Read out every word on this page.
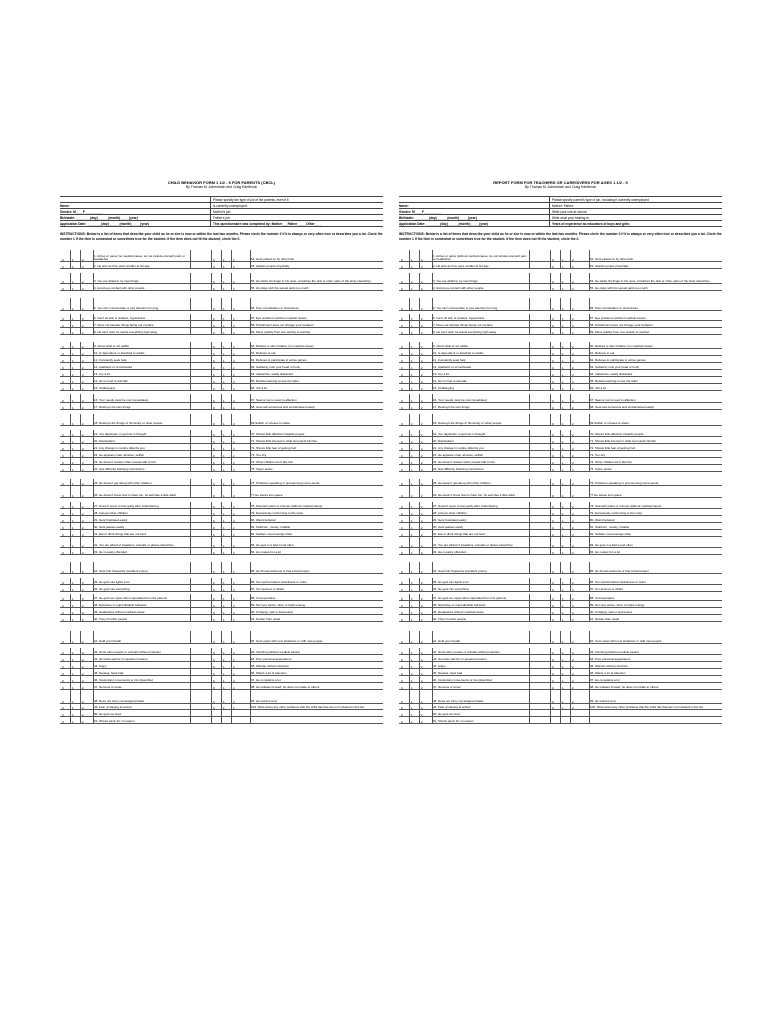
CHILD BEHAVIOR FORM 1 1/2 - 5 FOR PARENTS (CBCL)
By Thomas M. Achenbach and Craig Edelbrock
Please specify the type of job of the parents, even if it
Name:	is currently unemployed:
Gender: M____F__________	Mother's job:
Birthdate: ________(day)______(month)_____(year)	Father's job:
Application Date: ________(day)______(month)_____(year)	This questionnaire was completed by: Mother___Father_____Other____
INSTRUCTIONS: Below is a list of items that describe your child as he or she is now or within the last two months. Please circle the number 2 if it is always or very often true or describes you a lot. Circle the number 1 if the item is somewhat or sometimes true for the student. If the item does not fit the student, circle the 0.
0	1	2
1. Aches or pains (no medical cause; do not include stomach pain or headache)	0	1	2	52. Gets picked on by other kids
0	1	2	2. He acts as if he were smaller at his age	0	1	2	53. Attacks people physically
0	1	2	3. You are afraid to try new things	0	1	2	54. He sticks his finger in his nose, scratches the skin or other parts of the body (describe)
0	1	2	4. Avoid eye contact with other people	0	1	2	55. He plays with his sexual parts too much
0	1	2	5. You can't concentrate or pay attention for long	0	1	2	56. Poor coordination or clumsiness
0	1	2	6. Can't sit still, is restless, hyperactive	0	1	2	57. Eye problems (without medical cause)
0	1	2	7. Does not tolerate things being out of place	0	1	2	58. Punishment does not change your behavior
0	1	2	8. He can't wait, he wants everything right away	0	1	2	59. Move quickly from one activity to another
0	1	2	9. Chew what is not edible	0	1	2	60. Rashes or skin irritation (no medical cause)
0	1	2	10. Is dependent or attached to adults	0	1	2	61. Refuses to eat
0	1	2	11. Constantly seek help	0	1	2	62. Refuses to participate in active games
0	1	2	12. Apathetic or unmotivated	0	1	2	63. Suddenly rock your head or body
0	1	2	13. Cry a lot	0	1	2	64. Inattentive, easily distracted
0	1	2	14. He is cruel to animals	0	1	2	65. Resists learning to use the toilet
0	1	2	15. Challenging	0	1	2	66. Yell a lot
0	1	2	16. Your needs must be met immediately	0	1	2	67. Seems not to react to affection
0	1	2	17. Destroys his own things	0	1	2	68. Gets self-conscious and embarrassed easily
0	1	2	18. Destroys the things of his family or other people	0	1	2	69.Selfish or refuses to share
0	1	2	19. You daydream or get lost in thought	0	1	2	70. Shows little affection towards people
0	1	2	20. Disobedient	0	1	2	71. Shows little interest in what surrounds him/her
0	1	2	21. Any change in routine disturbs you	0	1	2	72. Shows little fear of getting hurt
0	1	2	22. He appears cruel, abusive, selfish	0	1	2	73. Too shy
0	1	2	23. He doesn't answer when people talk to him	0	1	2	74. Other children don't like him
0	1	2	24. Has difficulty following instructions	0	1	2	75. Super active
0	1	2	25. He doesn't get along with other children	0	1	2	76. Problems speaking or pronouncing some words
0	1	2	26. He doesn't know how to have fun, he acts like a little adult	0	1	2	77.He stares into space
0	1	2	27. Doesn't seem to feel guilty after misbehaving	0	1	2	78. Stomach pains or cramps (without medical cause)
0	1	2	28. Annoys other children	0	1	2	79. Excessively conforming to the rules
0	1	2	29. Gets frustrated easily	0	1	2	80. Weird behavior
0	1	2	30. Gets jealous easily	0	1	2	81. Stubborn, moody, irritable
0	1	2	31. Eat or drink things that are not food	0	1	2	82. Sudden mood swings often
0	1	2	32. You are afraid of situations, animals or places (describe)	0	1	2	83. He gets in a bad mood often
0	1	2	33. He is easily offended	0	1	2	84. He makes fun a lot
0	1	2	34. Gets hurt frequently (accident prone)	0	1	2	85. He throws tantrums or has a bad temper
0	1	2	35. He gets into fights a lot	0	1	2	86. Too worried about cleanliness or order
0	1	2	36. He gets into everything	0	1	2	87. Too anxious or afraid
0	1	2	37. He gets too upset when separated from his parents	0	1	2	88. Uncooperative
0	1	2	38. Explosive or unpredictable behavior	0	1	2	89. Not very active, slow, or lacks energy
0	1	2	39. Headaches without medical cause	0	1	2	90. Unhappy, sad or depressed
0	1	2	40. They hit other people	0	1	2	91. Noisier than usual
0	1	2	41. Hold your breath	0	1	2	92. Gets upset with new situations or with new people
0	1	2	42. Hurts other people or animals without intention	0	1	2	93. Vomiting (without medical cause)
0	1	2	43. He looks sad for no apparent reason	0	1	2	94. Poor personal appearance
0	1	2	44. Angry	0	1	2	95. Wander without direction
0	1	2	45. Nausea, feels bad	0	1	2	96. Wants a lot of attention
0	1	2	46. Involuntary movements or tics (describe)	0	1	2	97. He complains a lot
0	1	2	47. Nervous or tense	0	1	2	98. He isolates himself, he does not relate to others
0	1	2	48. Does not carry out assigned tasks	0	1	2	99. He worries a lot
0	1	2	49. Fear of staying at school	0	1	2	100. Write down any other problems that the child has that are not included in this list
0	1	2	50. He gets too tired
0	1	2	51. Shows panic for no reason
REPORT FORM FOR TEACHERS OR CAREGIVERS FOR AGES 1 1/2 - 5
By Thomas M. Achenbach and Craig Edelbrock
Please specify parent's type of job, including if currently unemployed:
Name:	Mother: Father:
Gender: M____F__________	Write your role at school:
Birthdate: ________(day)______(month)_____(year)	Write what your training is:
Application Date: ________(day)______(month)_____(year)	Years of experience as educators of boys and girls:
INSTRUCTIONS: Below is a list of items that describe your child as he or she is now or within the last two months. Please circle the number 2 if it is always or very often true or describes you a lot. Circle the number 1 if the item is somewhat or sometimes true for the student. If the item does not fit the student, circle the 0.
0	1	2
1. Aches or pains (without medical cause; do not include stomach pain or headache)	0	1	2	52. Gets picked on by other kids
0	1	2	2. He acts as if he were smaller at his age	0	1	2	53. Attacks people physically
0	1	2	3. You are afraid to try new things	0	1	2	54. He sticks his finger in his nose, scratches the skin or other parts of the body (describe)
0	1	2	4. Avoid eye contact with other people	0	1	2	55. He plays with his sexual parts too much
0	1	2	5. You can't concentrate or pay attention for long	0	1	2	56. Poor coordination or clumsiness
0	1	2	6. Can't sit still, is restless, hyperactive	0	1	2	57. Eye problems (without medical cause)
0	1	2	7. Does not tolerate things being out of place	0	1	2	58. Punishment does not change your behavior
0	1	2	8. He can't wait, he wants everything right away	0	1	2	59. Move quickly from one activity to another
0	1	2	9. Chew what is not edible	0	1	2	60. Rashes or skin irritation (no medical cause)
0	1	2	10. Is dependent or attached to adults	0	1	2	61. Refuses to eat
0	1	2	11. Constantly seek help	0	1	2	62. Refuses to participate in active games
0	1	2	12. Apathetic or unmotivated	0	1	2	63. Suddenly rock your head or body
0	1	2	13. Cry a lot	0	1	2	64. Inattentive, easily distracted
0	1	2	14. He is cruel to animals	0	1	2	65. Resists learning to use the toilet
0	1	2	15. Challenging	0	1	2	66. Yell a lot
0	1	2	16. Your needs must be met immediately	0	1	2	67. Seems not to react to affection
0	1	2	17. Destroys his own things	0	1	2	68. Gets self-conscious and embarrassed easily
0	1	2	18. Destroys the things of his family or other people	0	1	2	69.Selfish or refuses to share
0	1	2	19. You daydream or get lost in thought	0	1	2	70. Shows little affection towards people
0	1	2	20. Disobedient	0	1	2	71. Shows little interest in what surrounds him/her
0	1	2	21. Any change in routine disturbs you	0	1	2	72. Shows little fear of getting hurt
0	1	2	22. He appears cruel, abusive, selfish	0	1	2	73. Too shy
0	1	2	23. He doesn't answer when people talk to him	0	1	2	74. Other children don't like him
0	1	2	24. Has difficulty following instructions	0	1	2	75. Super active
0	1	2	25. He doesn't get along with other children	0	1	2	76. Problems speaking or pronouncing some words
0	1	2	26. He doesn't know how to have fun, he acts like a little adult	0	1	2	77.He stares into space
0	1	2	27. Doesn't seem to feel guilty after misbehaving	0	1	2	78. Stomach pains or cramps (without medical cause)
0	1	2	28. Annoys other children	0	1	2	79. Excessively conforming to the rules
0	1	2	29. Gets frustrated easily	0	1	2	80. Weird behavior
0	1	2	30. Gets jealous easily	0	1	2	81. Stubborn, moody, irritable
0	1	2	31. Eat or drink things that are not food	0	1	2	82. Sudden mood swings often
0	1	2	32. You are afraid of situations, animals or places (describe)	0	1	2	83. He gets in a bad mood often
0	1	2	33. He is easily offended	0	1	2	84. He makes fun a lot
0	1	2	34. Gets hurt frequently (accident prone)	0	1	2	85. He throws tantrums or has a bad temper
0	1	2	35. He gets into fights a lot	0	1	2	86. Too worried about cleanliness or order
0	1	2	36. He gets into everything	0	1	2	87. Too anxious or afraid
0	1	2	37. He gets too upset when separated from his parents	0	1	2	88. Uncooperative
0	1	2	38. Explosive or unpredictable behavior	0	1	2	89. Not very active, slow, or lacks energy
0	1	2	39. Headaches without medical cause	0	1	2	90. Unhappy, sad or depressed
0	1	2	40. They hit other people	0	1	2	91. Noisier than usual
0	1	2	41. Hold your breath	0	1	2	92. Gets upset with new situations or with new people
0	1	2	42. Hurts other people or animals without intention	0	1	2	93. Vomiting (without medical cause)
0	1	2	43. He looks sad for no apparent reason	0	1	2	94. Poor personal appearance
0	1	2	44. Angry	0	1	2	95. Wander without direction
0	1	2	45. Nausea, feels bad	0	1	2	96. Wants a lot of attention
0	1	2	46. Involuntary movements or tics (describe)	0	1	2	97. He complains a lot
0	1	2	47. Nervous or tense	0	1	2	98. He isolates himself, he does not relate to others
0	1	2	48. Does not carry out assigned tasks	0	1	2	99. He worries a lot
0	1	2	49. Fear of staying at school	0	1	2	100. Write down any other problems that the child has that are not included in this list
0	1	2	50. He gets too tired
0	1	2	51. Shows panic for no reason
